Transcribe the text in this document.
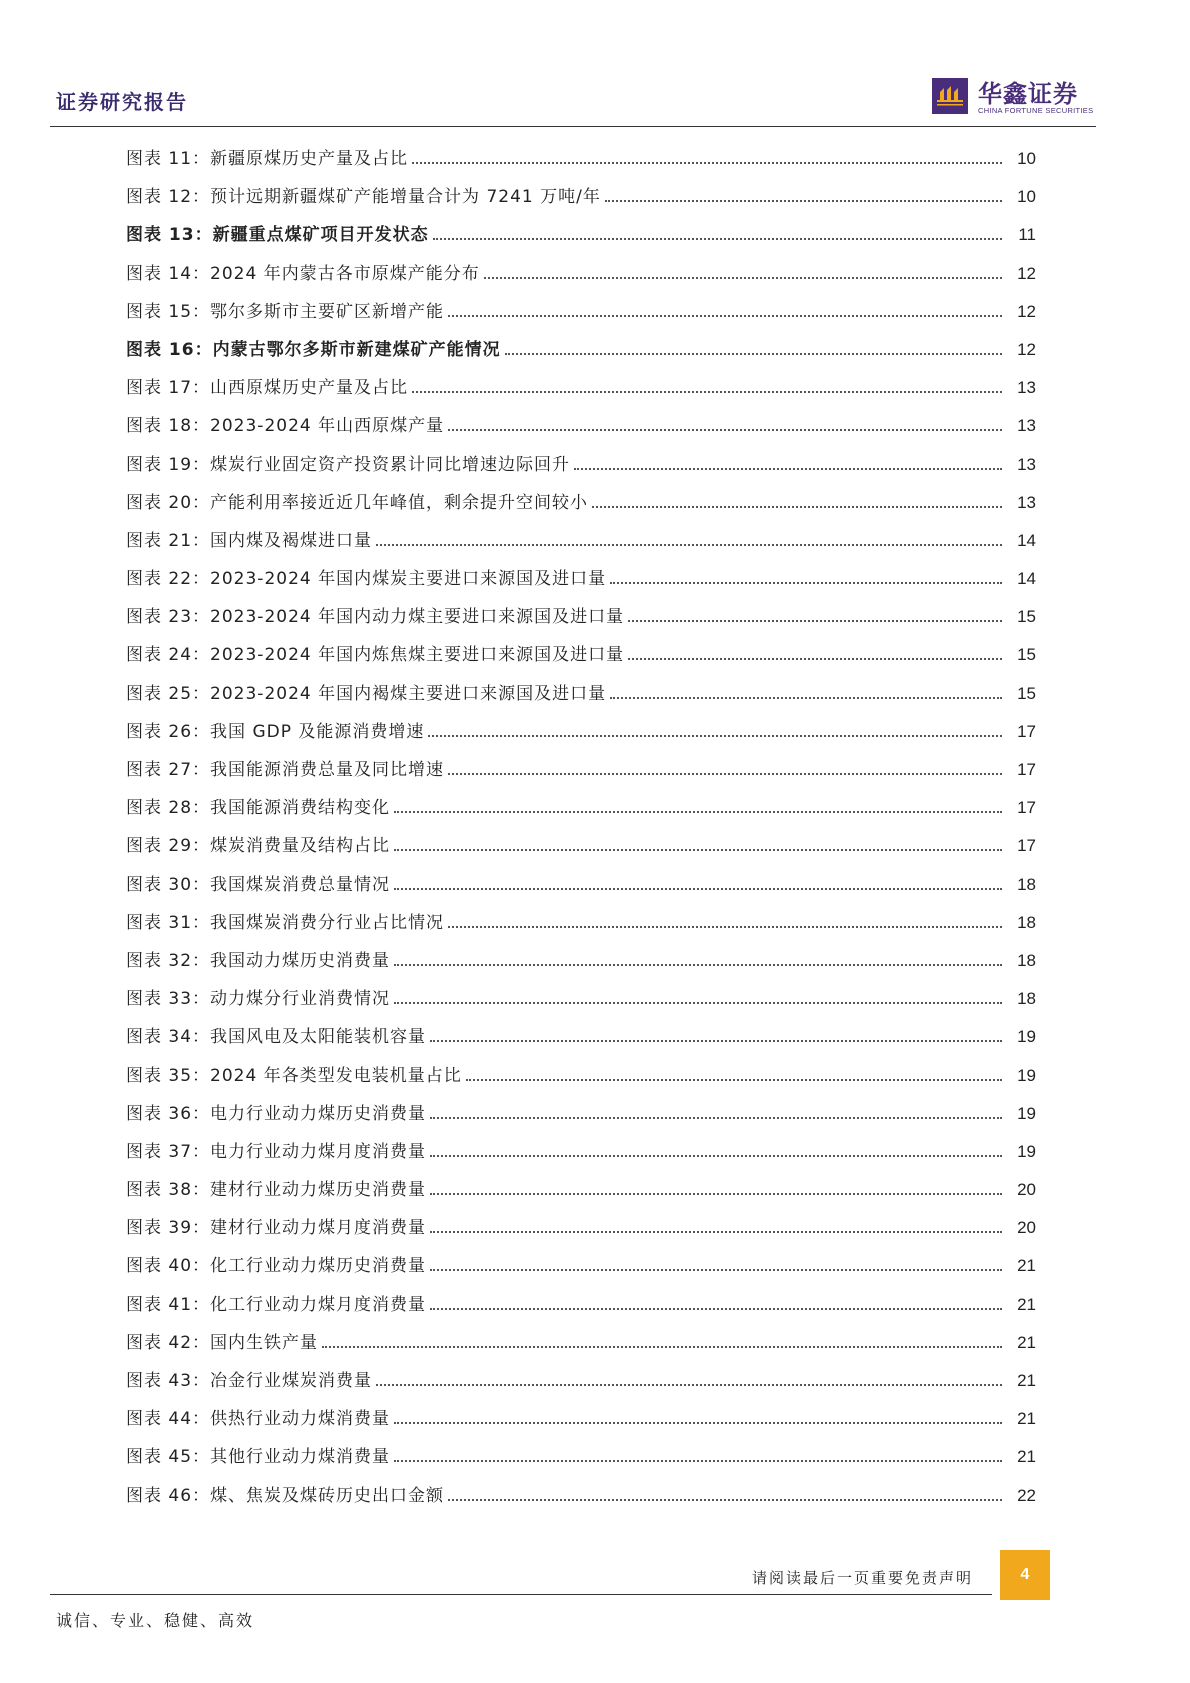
证券研究报告	华鑫证券
CHINA FORTUNE SECURITIES
图表 11： 新疆原煤历史产量及占比	10
图表 12： 预计远期新疆煤矿产能增量合计为 7241 万吨/年	10
图表 13： 新疆重点煤矿项目开发状态	11
图表 14： 2024 年内蒙古各市原煤产能分布	12
图表 15： 鄂尔多斯市主要矿区新增产能	12
图表 16： 内蒙古鄂尔多斯市新建煤矿产能情况	12
图表 17： 山西原煤历史产量及占比	13
图表 18： 2023-2024 年山西原煤产量	13
图表 19： 煤炭行业固定资产投资累计同比增速边际回升	13
图表 20： 产能利用率接近近几年峰值，剩余提升空间较小	13
图表 21： 国内煤及褐煤进口量	14
图表 22： 2023-2024 年国内煤炭主要进口来源国及进口量	14
图表 23： 2023-2024 年国内动力煤主要进口来源国及进口量	15
图表 24： 2023-2024 年国内炼焦煤主要进口来源国及进口量	15
图表 25： 2023-2024 年国内褐煤主要进口来源国及进口量	15
图表 26： 我国 GDP 及能源消费增速	17
图表 27： 我国能源消费总量及同比增速	17
图表 28： 我国能源消费结构变化	17
图表 29： 煤炭消费量及结构占比	17
图表 30： 我国煤炭消费总量情况	18
图表 31： 我国煤炭消费分行业占比情况	18
图表 32： 我国动力煤历史消费量	18
图表 33： 动力煤分行业消费情况	18
图表 34： 我国风电及太阳能装机容量	19
图表 35： 2024 年各类型发电装机量占比	19
图表 36： 电力行业动力煤历史消费量	19
图表 37： 电力行业动力煤月度消费量	19
图表 38： 建材行业动力煤历史消费量	20
图表 39： 建材行业动力煤月度消费量	20
图表 40： 化工行业动力煤历史消费量	21
图表 41： 化工行业动力煤月度消费量	21
图表 42： 国内生铁产量	21
图表 43： 冶金行业煤炭消费量	21
图表 44： 供热行业动力煤消费量	21
图表 45： 其他行业动力煤消费量	21
图表 46： 煤、焦炭及煤砖历史出口金额	22
请阅读最后一页重要免责声明	4
诚信、专业、稳健、高效
